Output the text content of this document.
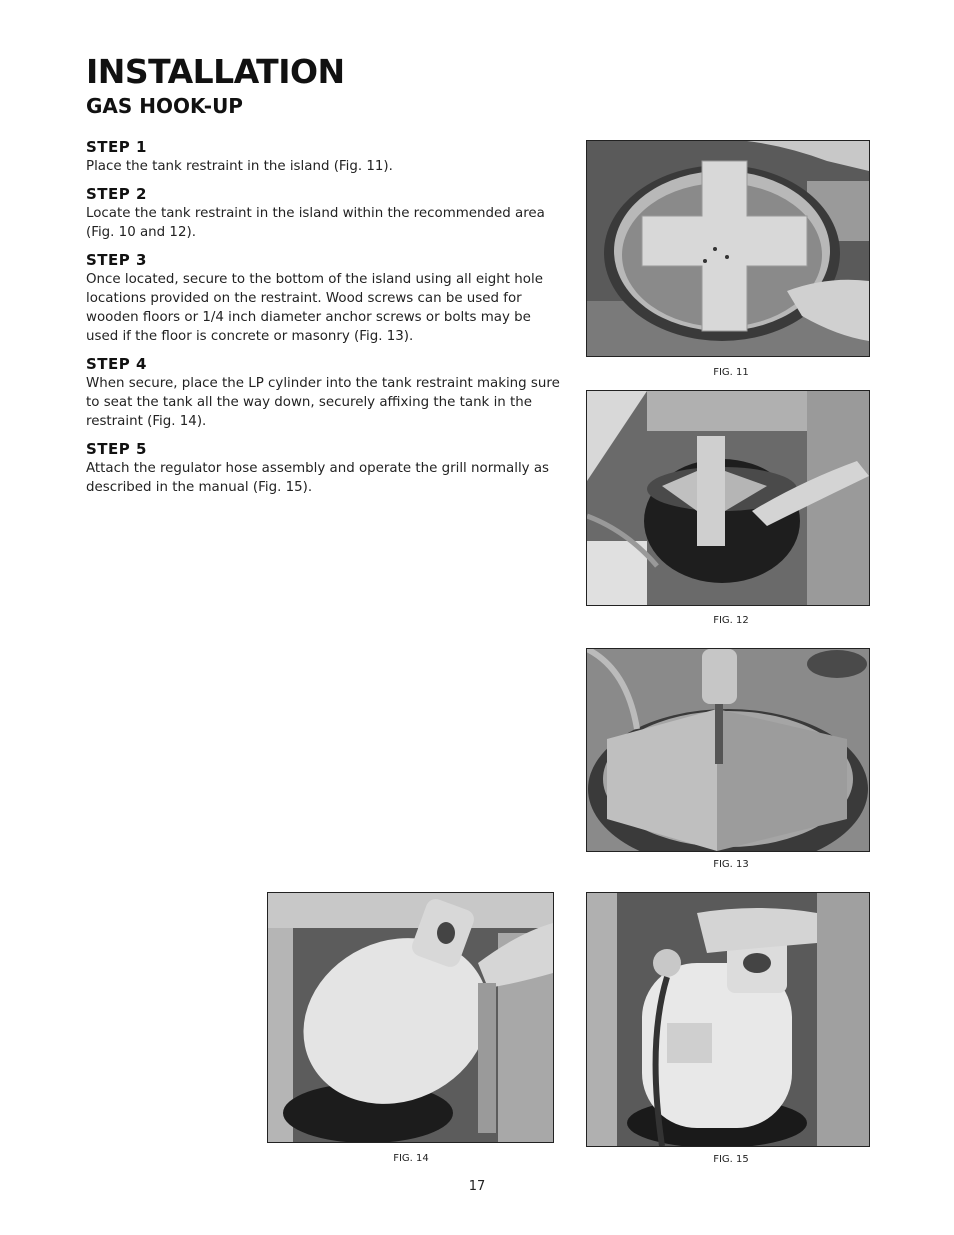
INSTALLATION
GAS HOOK-UP

STEP 1

Place the tank restraint in the island (Fig. 11).

STEP 2

Locate the tank restraint in the island within the recommended area (Fig. 10 and 12).

STEP 3

Once located, secure to the bottom of the island using all eight hole locations provided on the restraint. Wood screws can be used for wooden floors or 1/4 inch diameter anchor screws or bolts may be used if the floor is concrete or masonry (Fig. 13).

STEP 4

When secure, place the LP cylinder into the tank restraint making sure to seat the tank all the way down, securely affixing the tank in the restraint (Fig. 14).

STEP 5

Attach the regulator hose assembly and operate the grill normally as described in the manual (Fig. 15).

FIG. 11
FIG. 12
FIG. 13
FIG. 14	FIG. 15
17
